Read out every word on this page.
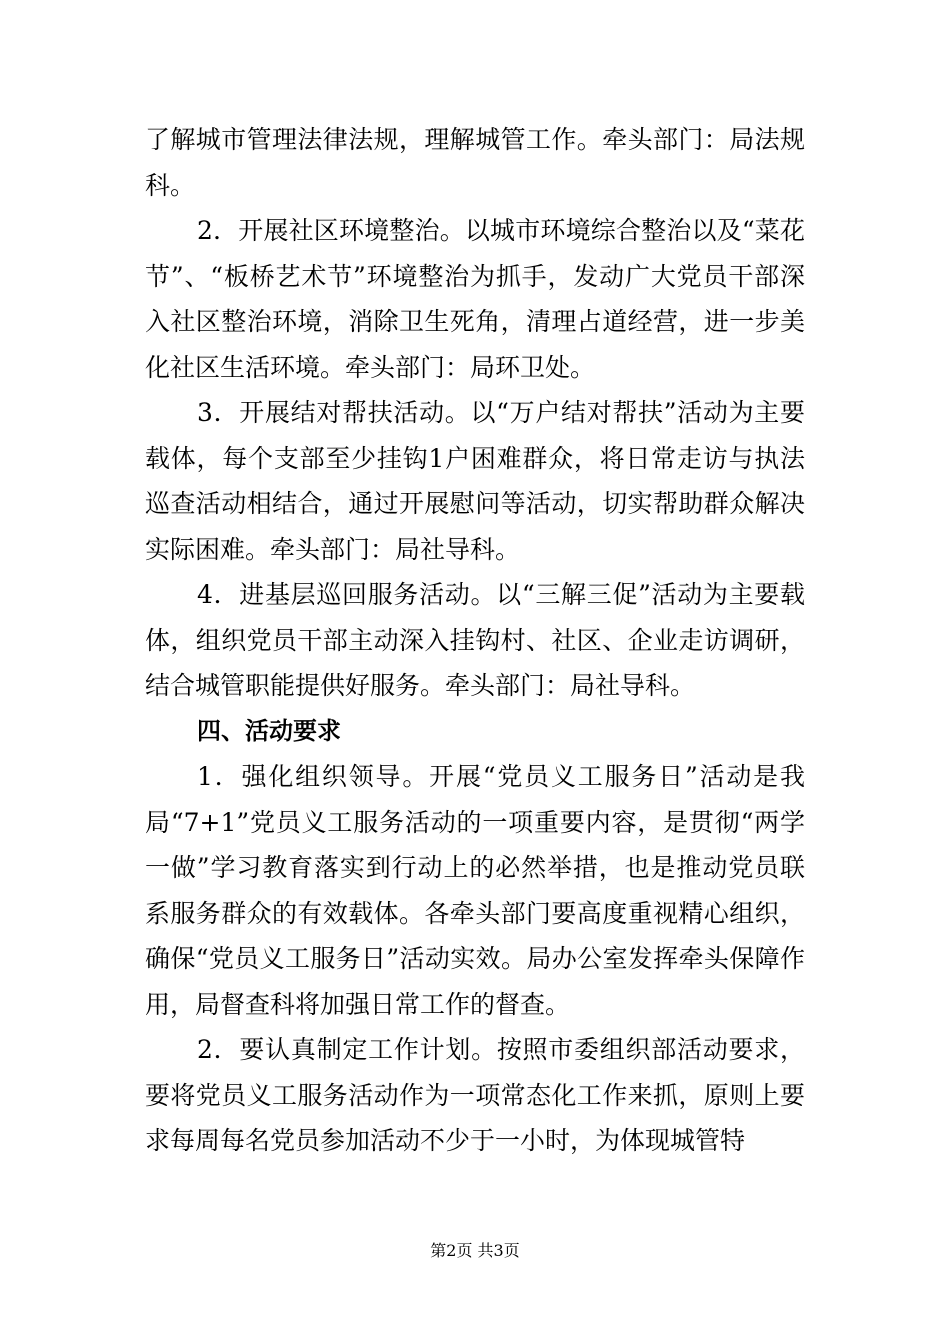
了解城市管理法律法规，理解城管工作。牵头部门：局法规科。

2．开展社区环境整治。以城市环境综合整治以及“菜花节”、“板桥艺术节”环境整治为抓手，发动广大党员干部深入社区整治环境，消除卫生死角，清理占道经营，进一步美化社区生活环境。牵头部门：局环卫处。

3．开展结对帮扶活动。以“万户结对帮扶”活动为主要载体，每个支部至少挂钩1户困难群众，将日常走访与执法巡查活动相结合，通过开展慰问等活动，切实帮助群众解决实际困难。牵头部门：局社导科。

4．进基层巡回服务活动。以“三解三促”活动为主要载体，组织党员干部主动深入挂钩村、社区、企业走访调研，结合城管职能提供好服务。牵头部门：局社导科。

四、活动要求

1．强化组织领导。开展“党员义工服务日”活动是我局“7+1”党员义工服务活动的一项重要内容，是贯彻“两学一做”学习教育落实到行动上的必然举措，也是推动党员联系服务群众的有效载体。各牵头部门要高度重视精心组织，确保“党员义工服务日”活动实效。局办公室发挥牵头保障作用，局督查科将加强日常工作的督查。

2．要认真制定工作计划。按照市委组织部活动要求，要将党员义工服务活动作为一项常态化工作来抓，原则上要求每周每名党员参加活动不少于一小时，为体现城管特

第2页 共3页
